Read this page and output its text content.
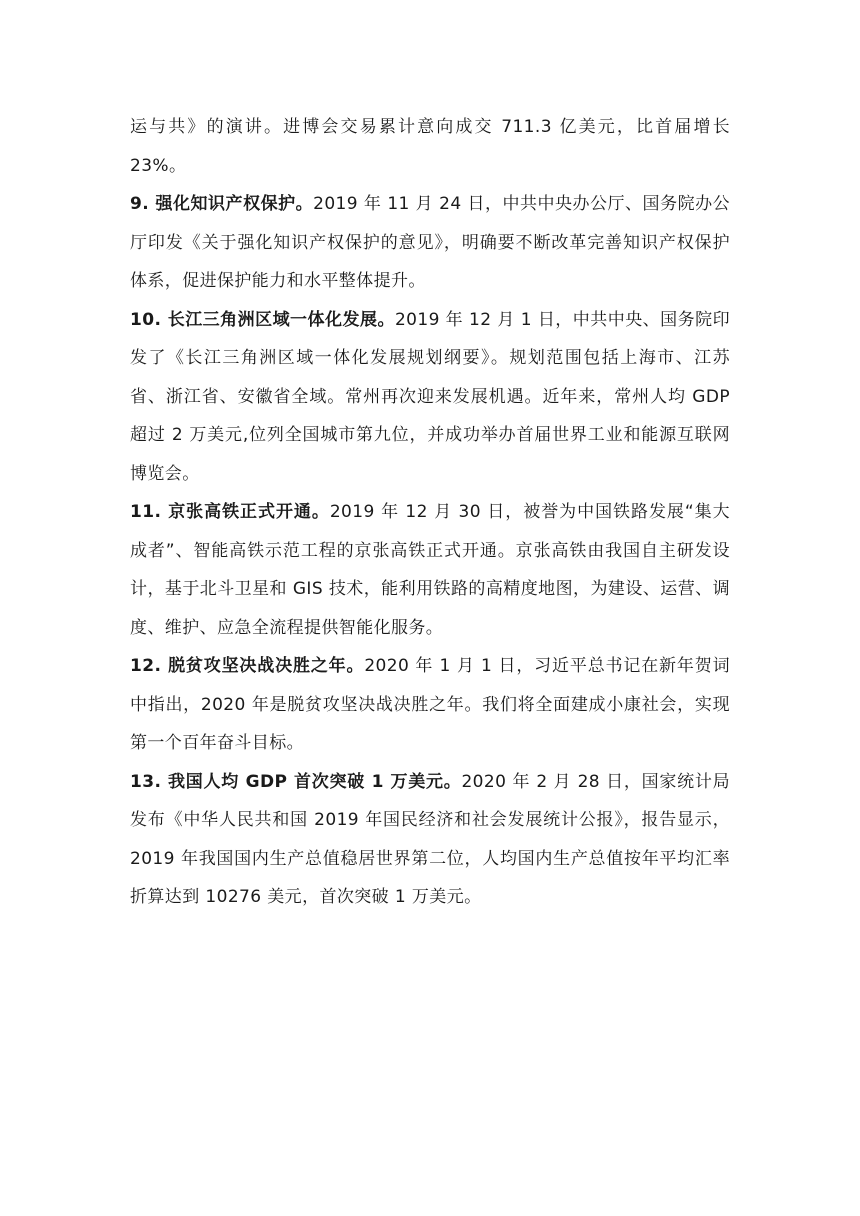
运与共》的演讲。进博会交易累计意向成交 711.3 亿美元，比首届增长 23%。

9. 强化知识产权保护。2019 年 11 月 24 日，中共中央办公厅、国务院办公厅印发《关于强化知识产权保护的意见》，明确要不断改革完善知识产权保护体系，促进保护能力和水平整体提升。

10. 长江三角洲区域一体化发展。2019 年 12 月 1 日，中共中央、国务院印发了《长江三角洲区域一体化发展规划纲要》。规划范围包括上海市、江苏省、浙江省、安徽省全域。常州再次迎来发展机遇。近年来，常州人均 GDP 超过 2 万美元,位列全国城市第九位，并成功举办首届世界工业和能源互联网博览会。

11. 京张高铁正式开通。2019 年 12 月 30 日，被誉为中国铁路发展“集大成者”、智能高铁示范工程的京张高铁正式开通。京张高铁由我国自主研发设计，基于北斗卫星和 GIS 技术，能利用铁路的高精度地图，为建设、运营、调度、维护、应急全流程提供智能化服务。

12. 脱贫攻坚决战决胜之年。2020 年 1 月 1 日，习近平总书记在新年贺词中指出，2020 年是脱贫攻坚决战决胜之年。我们将全面建成小康社会，实现第一个百年奋斗目标。

13. 我国人均 GDP 首次突破 1 万美元。2020 年 2 月 28 日，国家统计局发布《中华人民共和国 2019 年国民经济和社会发展统计公报》，报告显示，2019 年我国国内生产总值稳居世界第二位，人均国内生产总值按年平均汇率折算达到 10276 美元，首次突破 1 万美元。
